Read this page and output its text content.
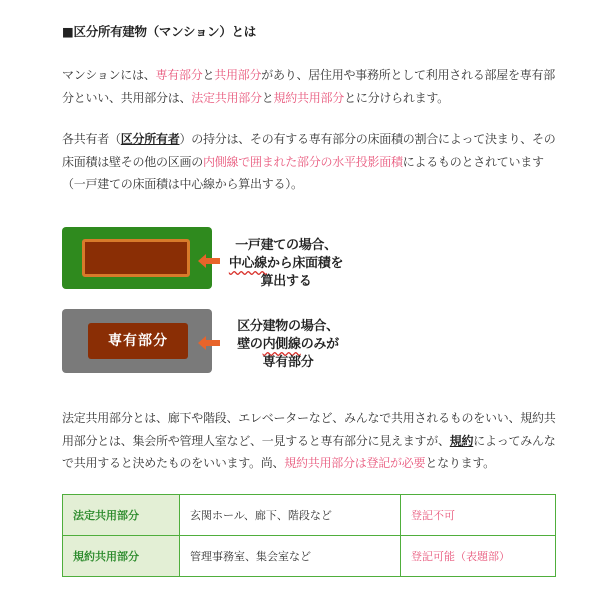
■区分所有建物（マンション）とは
マンションには、専有部分と共用部分があり、居住用や事務所として利用される部屋を専有部分といい、共用部分は、法定共用部分と規約共用部分とに分けられます。
各共有者（区分所有者）の持分は、その有する専有部分の床面積の割合によって決まり、その床面積は壁その他の区画の内側線で囲まれた部分の水平投影面積によるものとされています（一戸建ての床面積は中心線から算出する）。
一戸建ての場合、
中心線から床面積を
算出する
専有部分
区分建物の場合、
壁の内側線のみが
専有部分
法定共用部分とは、廊下や階段、エレベーターなど、みんなで共用されるものをいい、規約共用部分とは、集会所や管理人室など、一見すると専有部分に見えますが、規約によってみんなで共用すると決めたものをいいます。尚、規約共用部分は登記が必要となります。
法定共用部分	玄関ホール、廊下、階段など	登記不可
規約共用部分	管理事務室、集会室など	登記可能（表題部）
